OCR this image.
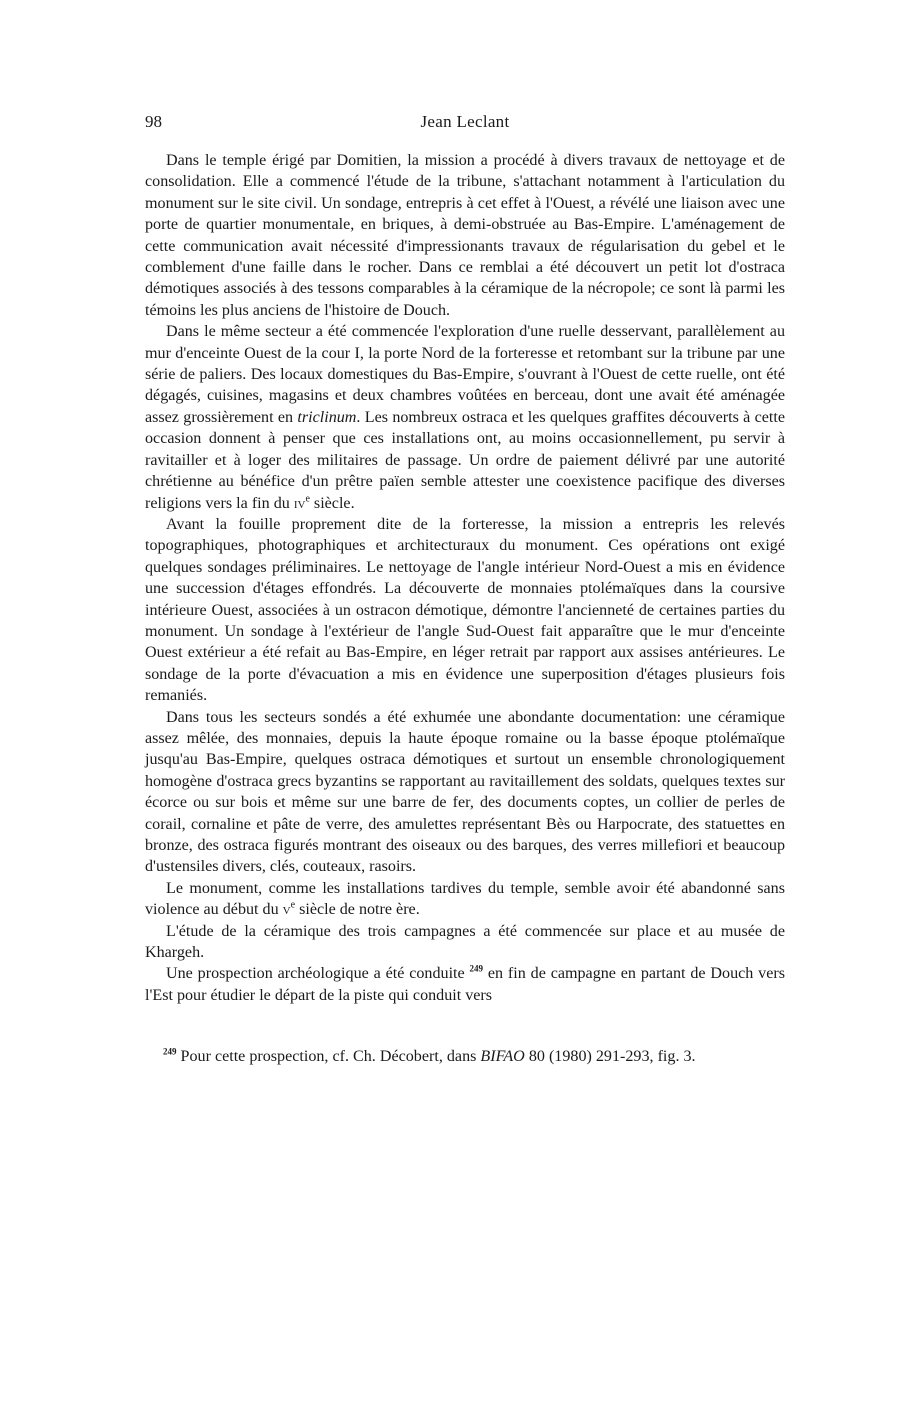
98	Jean Leclant

Dans le temple érigé par Domitien, la mission a procédé à divers travaux de nettoyage et de consolidation. Elle a commencé l'étude de la tribune, s'attachant notamment à l'articulation du monument sur le site civil. Un sondage, entrepris à cet effet à l'Ouest, a révélé une liaison avec une porte de quartier monumentale, en briques, à demi-obstruée au Bas-Empire. L'aménagement de cette communication avait nécessité d'impressionants travaux de régularisation du gebel et le comblement d'une faille dans le rocher. Dans ce remblai a été découvert un petit lot d'ostraca démotiques associés à des tessons comparables à la céramique de la nécropole; ce sont là parmi les témoins les plus anciens de l'histoire de Douch.

Dans le même secteur a été commencée l'exploration d'une ruelle desservant, parallèlement au mur d'enceinte Ouest de la cour I, la porte Nord de la forteresse et retombant sur la tribune par une série de paliers. Des locaux domestiques du Bas-Empire, s'ouvrant à l'Ouest de cette ruelle, ont été dégagés, cuisines, magasins et deux chambres voûtées en berceau, dont une avait été aménagée assez grossièrement en triclinum. Les nombreux ostraca et les quelques graffites découverts à cette occasion donnent à penser que ces installations ont, au moins occasionnellement, pu servir à ravitailler et à loger des militaires de passage. Un ordre de paiement délivré par une autorité chrétienne au bénéfice d'un prêtre païen semble attester une coexistence pacifique des diverses religions vers la fin du $iv^e$ siècle.

Avant la fouille proprement dite de la forteresse, la mission a entrepris les relevés topographiques, photographiques et architecturaux du monument. Ces opérations ont exigé quelques sondages préliminaires. Le nettoyage de l'angle intérieur Nord-Ouest a mis en évidence une succession d'étages effondrés. La découverte de monnaies ptolémaïques dans la coursive intérieure Ouest, associées à un ostracon démotique, démontre l'ancienneté de certaines parties du monument. Un sondage à l'extérieur de l'angle Sud-Ouest fait apparaître que le mur d'enceinte Ouest extérieur a été refait au Bas-Empire, en léger retrait par rapport aux assises antérieures. Le sondage de la porte d'évacuation a mis en évidence une superposition d'étages plusieurs fois remaniés.

Dans tous les secteurs sondés a été exhumée une abondante documentation: une céramique assez mêlée, des monnaies, depuis la haute époque romaine ou la basse époque ptolémaïque jusqu'au Bas-Empire, quelques ostraca démotiques et surtout un ensemble chronologiquement homogène d'ostraca grecs byzantins se rapportant au ravitaillement des soldats, quelques textes sur écorce ou sur bois et même sur une barre de fer, des documents coptes, un collier de perles de corail, cornaline et pâte de verre, des amulettes représentant Bès ou Harpocrate, des statuettes en bronze, des ostraca figurés montrant des oiseaux ou des barques, des verres millefiori et beaucoup d'ustensiles divers, clés, couteaux, rasoirs.

Le monument, comme les installations tardives du temple, semble avoir été abandonné sans violence au début du $v^e$ siècle de notre ère.

L'étude de la céramique des trois campagnes a été commencée sur place et au musée de Khargeh.

Une prospection archéologique a été conduite $^{249}$ en fin de campagne en partant de Douch vers l'Est pour étudier le départ de la piste qui conduit vers

$^{249}$ Pour cette prospection, cf. Ch. Décobert, dans BIFAO 80 (1980) 291-293, fig. 3.
